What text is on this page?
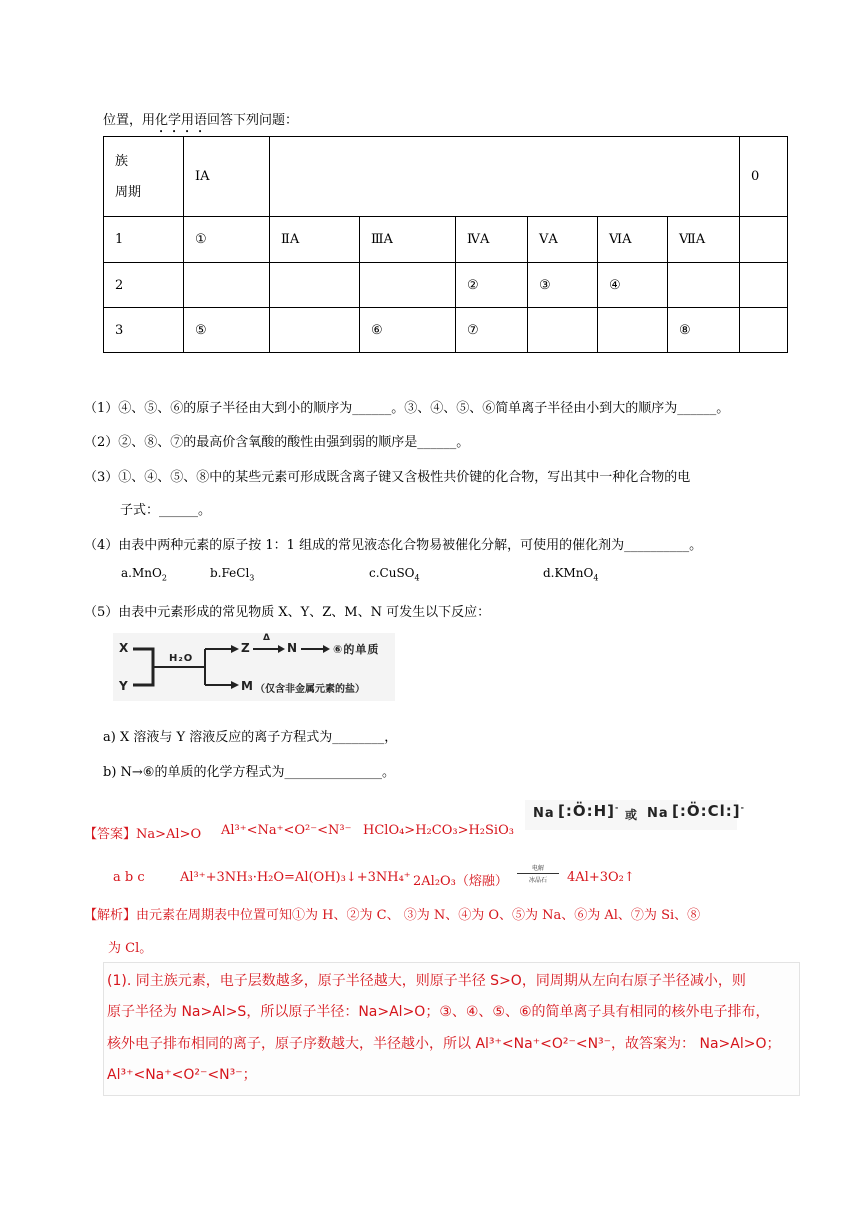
位置，用化学用语回答下列问题：
族
周期	IA							0
1	①	ⅡA	ⅢA	ⅣA	ⅤA	ⅥA	ⅦA	
2				②	③	④		
3	⑤		⑥	⑦			⑧	
（1）④、⑤、⑥的原子半径由大到小的顺序为______。③、④、⑤、⑥简单离子半径由小到大的顺序为______。
（2）②、⑧、⑦的最高价含氧酸的酸性由强到弱的顺序是______。
（3）①、④、⑤、⑧中的某些元素可形成既含离子键又含极性共价键的化合物，写出其中一种化合物的电
子式：______。
（4）由表中两种元素的原子按 1：1 组成的常见液态化合物易被催化分解，可使用的催化剂为__________。
a.MnO$_2$	b.FeCl$_3$	c.CuSO$_4$	d.KMnO$_4$
（5）由表中元素形成的常见物质 X、Y、Z、M、N 可发生以下反应：
X
Y
H₂O
Z
Δ
N	⑥的单质
M （仅含非金属元素的盐）
a) X 溶液与 Y 溶液反应的离子方程式为________，
b) N→⑥的单质的化学方程式为_______________。
【答案】Na>Al>O Al³⁺<Na⁺<O²⁻<N³⁻ HClO₄>H₂CO₃>H₂SiO₃
Na [:Ö:H]-
或 Na [:Ö:Cl:]-
a b c	Al³⁺+3NH₃·H₂O=Al(OH)₃↓+3NH₄⁺ 2Al₂O₃（熔融）
电解
冰晶石	4Al+3O₂↑
【解析】由元素在周期表中位置可知①为 H、②为 C、 ③为 N、④为 O、⑤为 Na、⑥为 Al、⑦为 Si、⑧
为 Cl。
(1). 同主族元素，电子层数越多，原子半径越大，则原子半径 S>O，同周期从左向右原子半径减小，则
原子半径为 Na>Al>S，所以原子半径：Na>Al>O；③、④、⑤、⑥的简单离子具有相同的核外电子排布，
核外电子排布相同的离子，原子序数越大，半径越小，所以 Al³⁺<Na⁺<O²⁻<N³⁻，故答案为： Na>Al>O；
Al³⁺<Na⁺<O²⁻<N³⁻；
